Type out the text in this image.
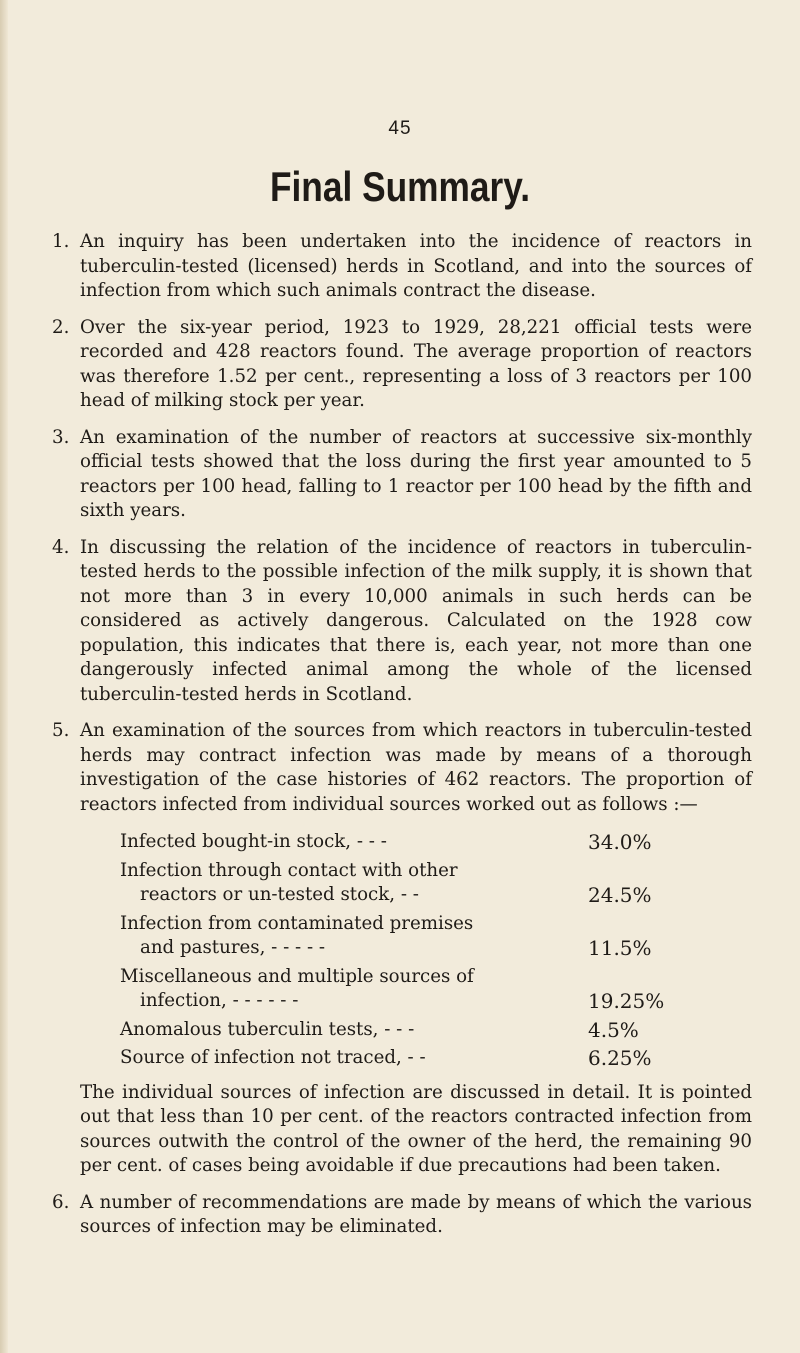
45
Final Summary.
1. An inquiry has been undertaken into the incidence of reactors in tuberculin-tested (licensed) herds in Scotland, and into the sources of infection from which such animals contract the disease.
2. Over the six-year period, 1923 to 1929, 28,221 official tests were recorded and 428 reactors found. The average proportion of reactors was therefore 1.52 per cent., representing a loss of 3 reactors per 100 head of milking stock per year.
3. An examination of the number of reactors at successive six-monthly official tests showed that the loss during the first year amounted to 5 reactors per 100 head, falling to 1 reactor per 100 head by the fifth and sixth years.
4. In discussing the relation of the incidence of reactors in tuberculin-tested herds to the possible infection of the milk supply, it is shown that not more than 3 in every 10,000 animals in such herds can be considered as actively dangerous. Calculated on the 1928 cow population, this indicates that there is, each year, not more than one dangerously infected animal among the whole of the licensed tuberculin-tested herds in Scotland.
5. An examination of the sources from which reactors in tuberculin-tested herds may contract infection was made by means of a thorough investigation of the case histories of 462 reactors. The proportion of reactors infected from individual sources worked out as follows :—
Infected bought-in stock, - - -	34.0%
Infection through contact with other
reactors or un-tested stock, - -	24.5%
Infection from contaminated premises
and pastures, - - - - -	11.5%
Miscellaneous and multiple sources of
infection, - - - - - -	19.25%
Anomalous tuberculin tests, - - -	4.5%
Source of infection not traced, - -	6.25%
The individual sources of infection are discussed in detail. It is pointed out that less than 10 per cent. of the reactors contracted infection from sources outwith the control of the owner of the herd, the remaining 90 per cent. of cases being avoidable if due precautions had been taken.
6. A number of recommendations are made by means of which the various sources of infection may be eliminated.
